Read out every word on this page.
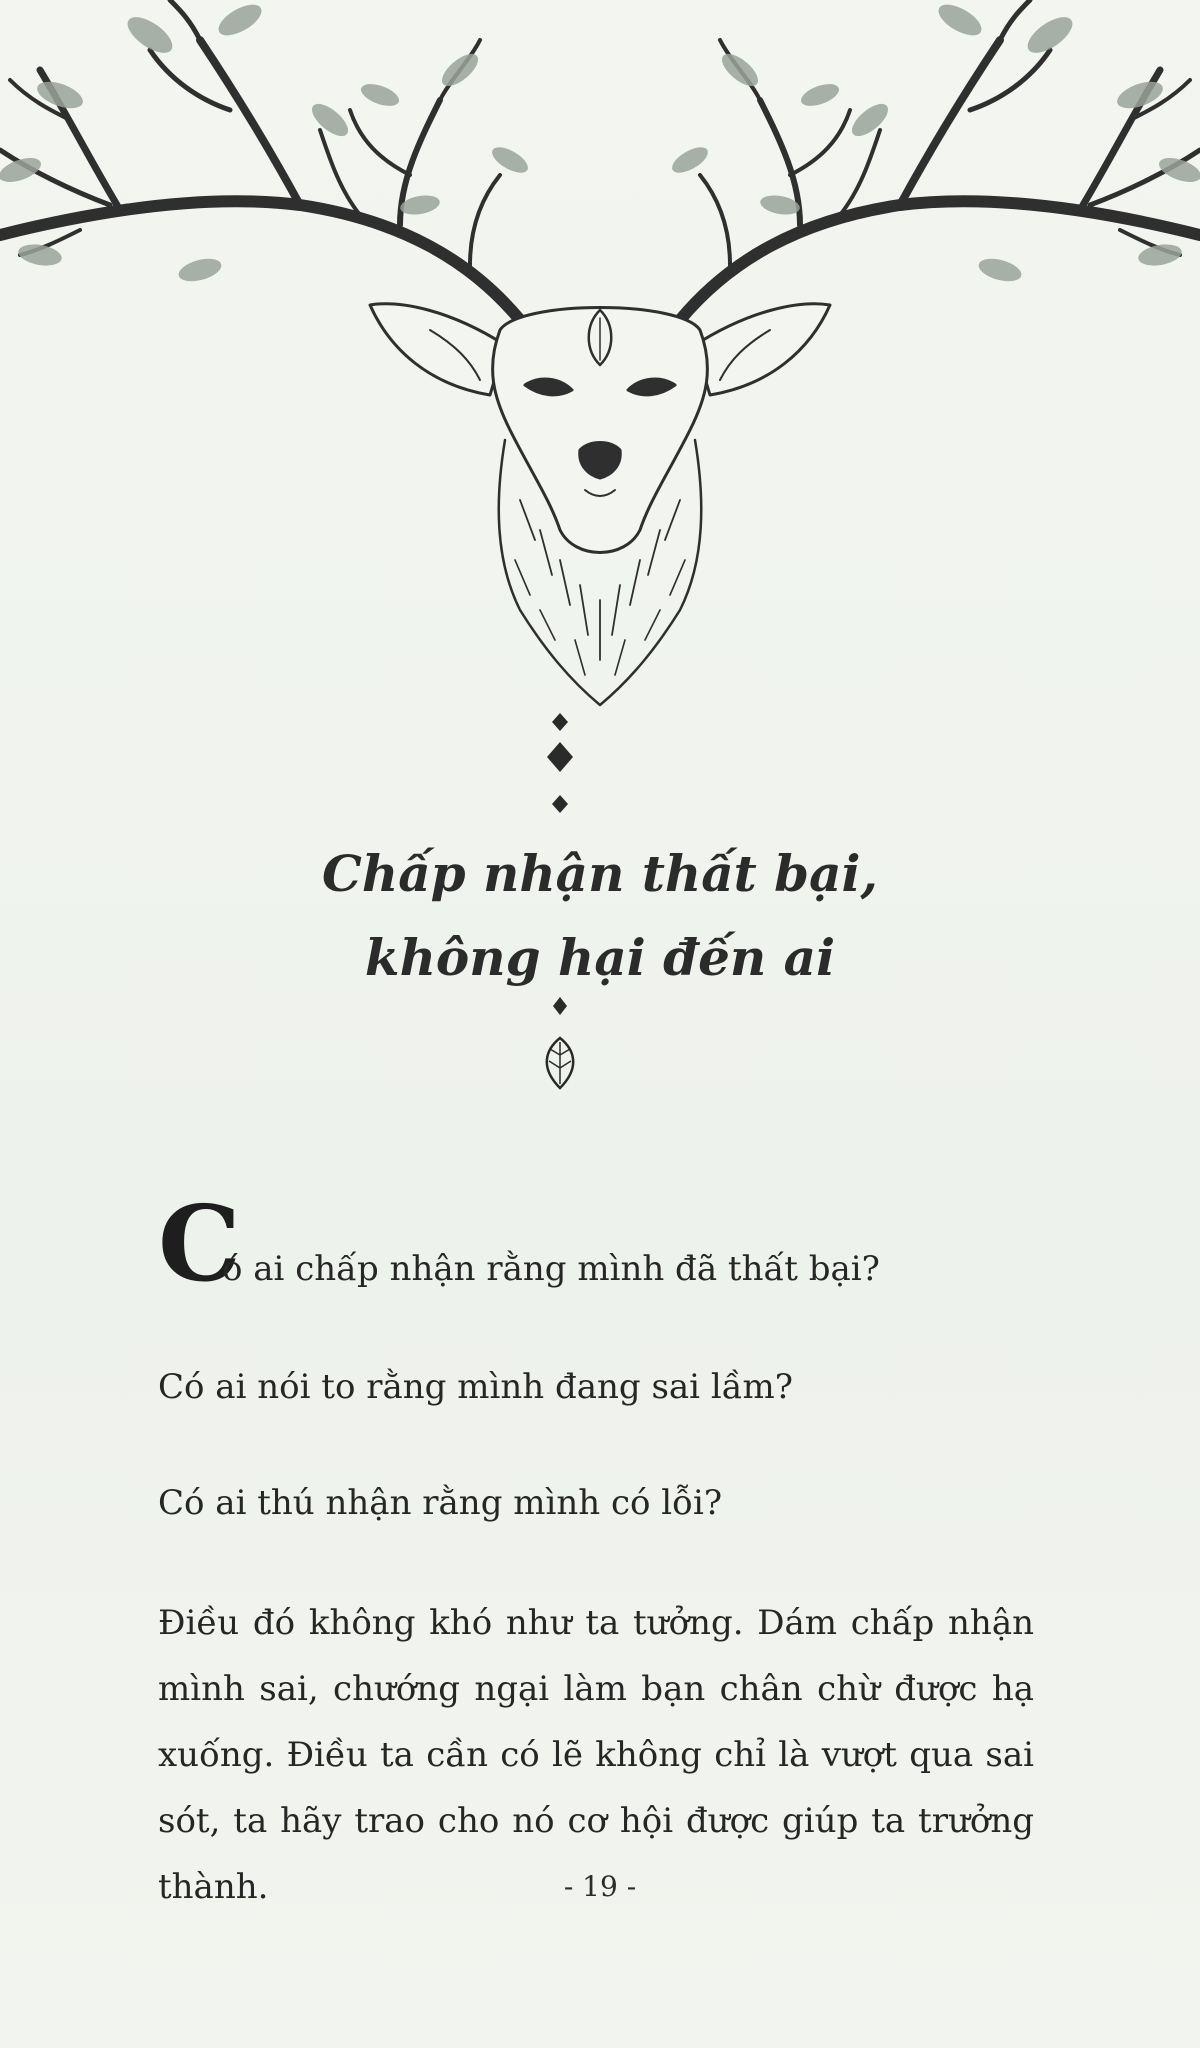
Chấp nhận thất bại,
không hại đến ai
C
ó ai chấp nhận rằng mình đã thất bại?

Có ai nói to rằng mình đang sai lầm?

Có ai thú nhận rằng mình có lỗi?

Điều đó không khó như ta tưởng. Dám chấp nhận mình sai, chướng ngại làm bạn chân chừ được hạ xuống. Điều ta cần có lẽ không chỉ là vượt qua sai sót, ta hãy trao cho nó cơ hội được giúp ta trưởng thành.	- 19 -
